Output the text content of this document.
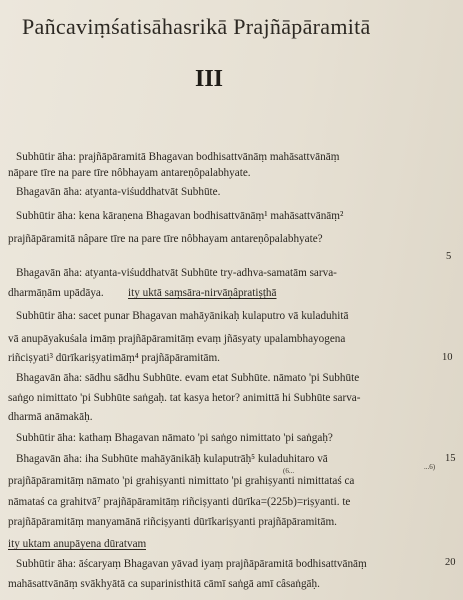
Pañcaviṃśatisāhasrikā Prajñāpāramitā
III
Subhūtir āha: prajñāpāramitā Bhagavan bodhisattvānāṃ mahāsattvānāṃ
nāpare tīre na pare tīre nôbhayam antareṇôpalabhyate.
Bhagavān āha: atyanta-viśuddhatvāt Subhūte.
Subhūtir āha: kena kāraṇena Bhagavan bodhisattvānāṃ¹ mahāsattvānāṃ²
prajñāpāramitā nâpare tīre na pare tīre nôbhayam antareṇôpalabhyate?
5
Bhagavān āha: atyanta-viśuddhatvāt Subhūte try-adhva-samatām sarva-
dharmāṇām upādāya.	ity uktā saṃsāra-nirvāṇâpratiṣṭhā
Subhūtir āha: sacet punar Bhagavan mahāyānikaḥ kulaputro vā kuladuhitā
vā anupāyakuśala imāṃ prajñāpāramitāṃ evaṃ jñāsyaty upalambhayogena
riñciṣyati³ dūrīkariṣyatimāṃ⁴ prajñāpāramitām.	10
Bhagavān āha: sādhu sādhu Subhūte. evam etat Subhūte. nāmato 'pi Subhūte
saṅgo nimittato 'pi Subhūte saṅgaḥ. tat kasya hetor? animittā hi Subhūte sarva-
dharmā anāmakāḥ.
Subhūtir āha: kathaṃ Bhagavan nāmato 'pi saṅgo nimittato 'pi saṅgaḥ?
Bhagavān āha: iha Subhūte mahāyānikāḥ kulaputrāḥ⁵ kuladuhitaro vā	15
(6...	...6)
prajñāpāramitāṃ nāmato 'pi grahiṣyanti nimittato 'pi grahiṣyanti nimittataś ca
nāmataś ca grahitvā⁷ prajñāpāramitāṃ riñciṣyanti dūrīka=(225b)=riṣyanti. te
prajñāpāramitāṃ manyamānā riñciṣyanti dūrīkariṣyanti prajñāpāramitām.
ity uktam anupāyena dūratvam
Subhūtir āha: āścaryaṃ Bhagavan yāvad iyaṃ prajñāpāramitā bodhisattvānāṃ	20
mahāsattvānāṃ svākhyātā ca suparinisthitā cāmī saṅgā amī câsaṅgāḥ.
